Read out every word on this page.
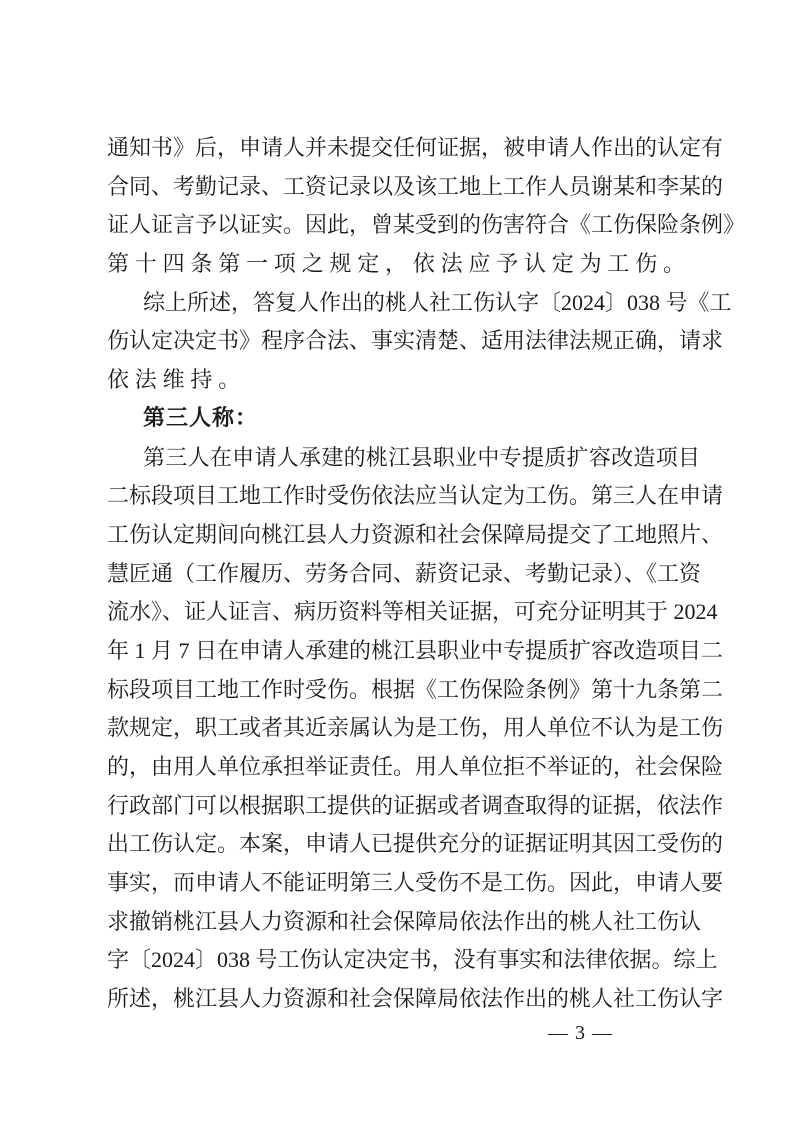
通知书》后，申请人并未提交任何证据，被申请人作出的认定有
合同、考勤记录、工资记录以及该工地上工作人员谢某和李某的
证人证言予以证实。因此，曾某受到的伤害符合《工伤保险条例》
第十四条第一项之规定，依法应予认定为工伤。
综上所述，答复人作出的桃人社工伤认字〔2024〕038 号《工
伤认定决定书》程序合法、事实清楚、适用法律法规正确，请求
依法维持。
第三人称：
第三人在申请人承建的桃江县职业中专提质扩容改造项目
二标段项目工地工作时受伤依法应当认定为工伤。第三人在申请
工伤认定期间向桃江县人力资源和社会保障局提交了工地照片、
慧匠通（工作履历、劳务合同、薪资记录、考勤记录）、《工资
流水》、证人证言、病历资料等相关证据，可充分证明其于 2024
年 1 月 7 日在申请人承建的桃江县职业中专提质扩容改造项目二
标段项目工地工作时受伤。根据《工伤保险条例》第十九条第二
款规定，职工或者其近亲属认为是工伤，用人单位不认为是工伤
的，由用人单位承担举证责任。用人单位拒不举证的，社会保险
行政部门可以根据职工提供的证据或者调查取得的证据，依法作
出工伤认定。本案，申请人已提供充分的证据证明其因工受伤的
事实，而申请人不能证明第三人受伤不是工伤。因此，申请人要
求撤销桃江县人力资源和社会保障局依法作出的桃人社工伤认
字〔2024〕038 号工伤认定决定书，没有事实和法律依据。综上
所述，桃江县人力资源和社会保障局依法作出的桃人社工伤认字
— 3 —
